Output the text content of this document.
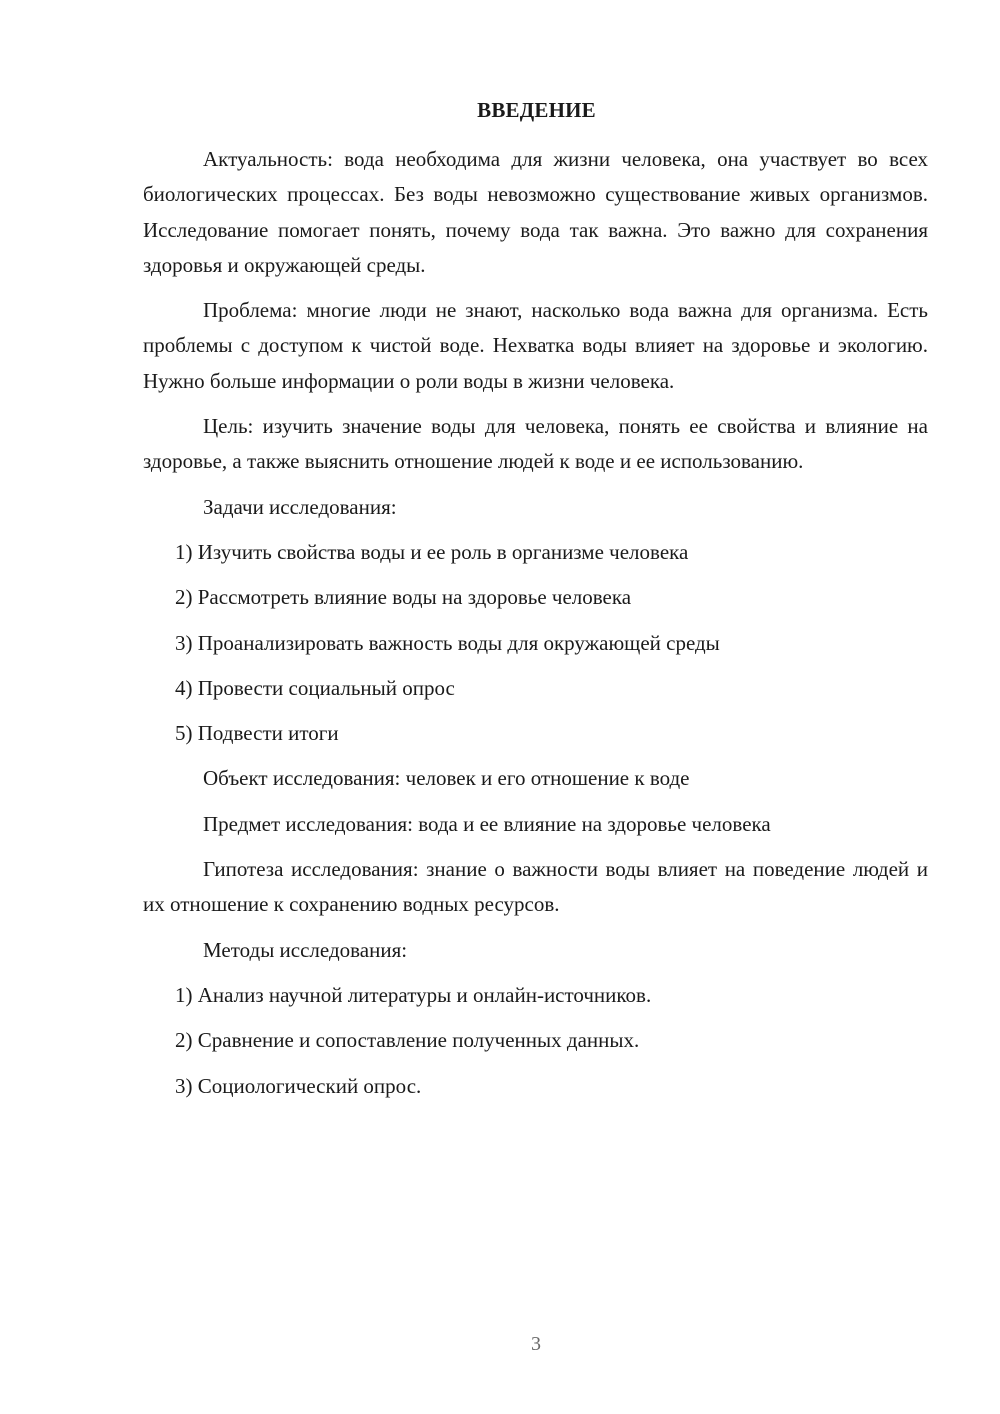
ВВЕДЕНИЕ

Актуальность: вода необходима для жизни человека, она участвует во всех биологических процессах. Без воды невозможно существование живых организмов. Исследование помогает понять, почему вода так важна. Это важно для сохранения здоровья и окружающей среды.

Проблема: многие люди не знают, насколько вода важна для организма. Есть проблемы с доступом к чистой воде. Нехватка воды влияет на здоровье и экологию. Нужно больше информации о роли воды в жизни человека.

Цель: изучить значение воды для человека, понять ее свойства и влияние на здоровье, а также выяснить отношение людей к воде и ее использованию.

Задачи исследования:
1) Изучить свойства воды и ее роль в организме человека
2) Рассмотреть влияние воды на здоровье человека
3) Проанализировать важность воды для окружающей среды
4) Провести социальный опрос
5) Подвести итоги
Объект исследования: человек и его отношение к воде
Предмет исследования: вода и ее влияние на здоровье человека

Гипотеза исследования: знание о важности воды влияет на поведение людей и их отношение к сохранению водных ресурсов.

Методы исследования:
1) Анализ научной литературы и онлайн-источников.
2) Сравнение и сопоставление полученных данных.
3) Социологический опрос.
3
